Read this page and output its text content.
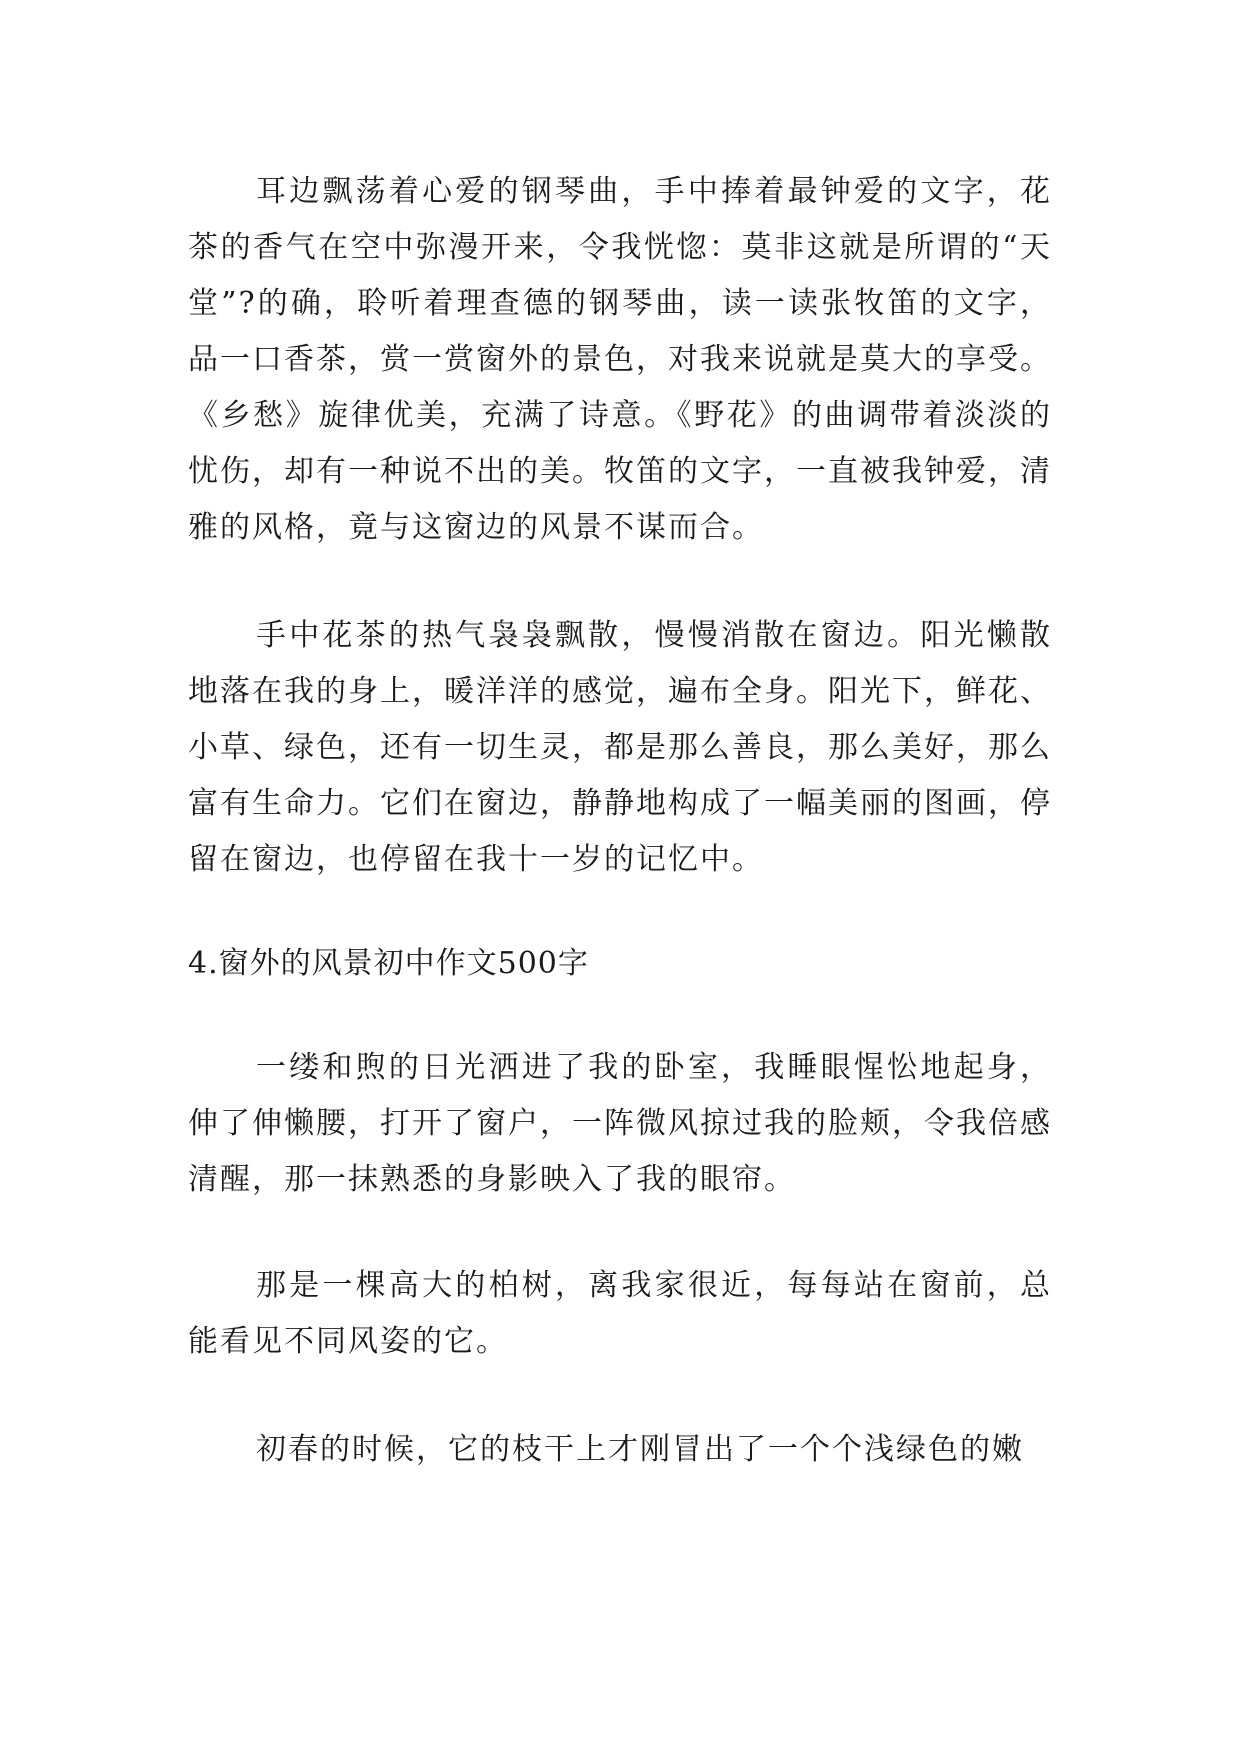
耳边飘荡着心爱的钢琴曲，手中捧着最钟爱的文字，花茶的香气在空中弥漫开来，令我恍惚：莫非这就是所谓的“天堂”?的确，聆听着理查德的钢琴曲，读一读张牧笛的文字，品一口香茶，赏一赏窗外的景色，对我来说就是莫大的享受。《乡愁》旋律优美，充满了诗意。《野花》的曲调带着淡淡的忧伤，却有一种说不出的美。牧笛的文字，一直被我钟爱，清雅的风格，竟与这窗边的风景不谋而合。

手中花茶的热气袅袅飘散，慢慢消散在窗边。阳光懒散地落在我的身上，暖洋洋的感觉，遍布全身。阳光下，鲜花、小草、绿色，还有一切生灵，都是那么善良，那么美好，那么富有生命力。它们在窗边，静静地构成了一幅美丽的图画，停留在窗边，也停留在我十一岁的记忆中。

4.窗外的风景初中作文500字

一缕和煦的日光洒进了我的卧室，我睡眼惺忪地起身，伸了伸懒腰，打开了窗户，一阵微风掠过我的脸颊，令我倍感清醒，那一抹熟悉的身影映入了我的眼帘。

那是一棵高大的柏树，离我家很近，每每站在窗前，总能看见不同风姿的它。

初春的时候，它的枝干上才刚冒出了一个个浅绿色的嫩
